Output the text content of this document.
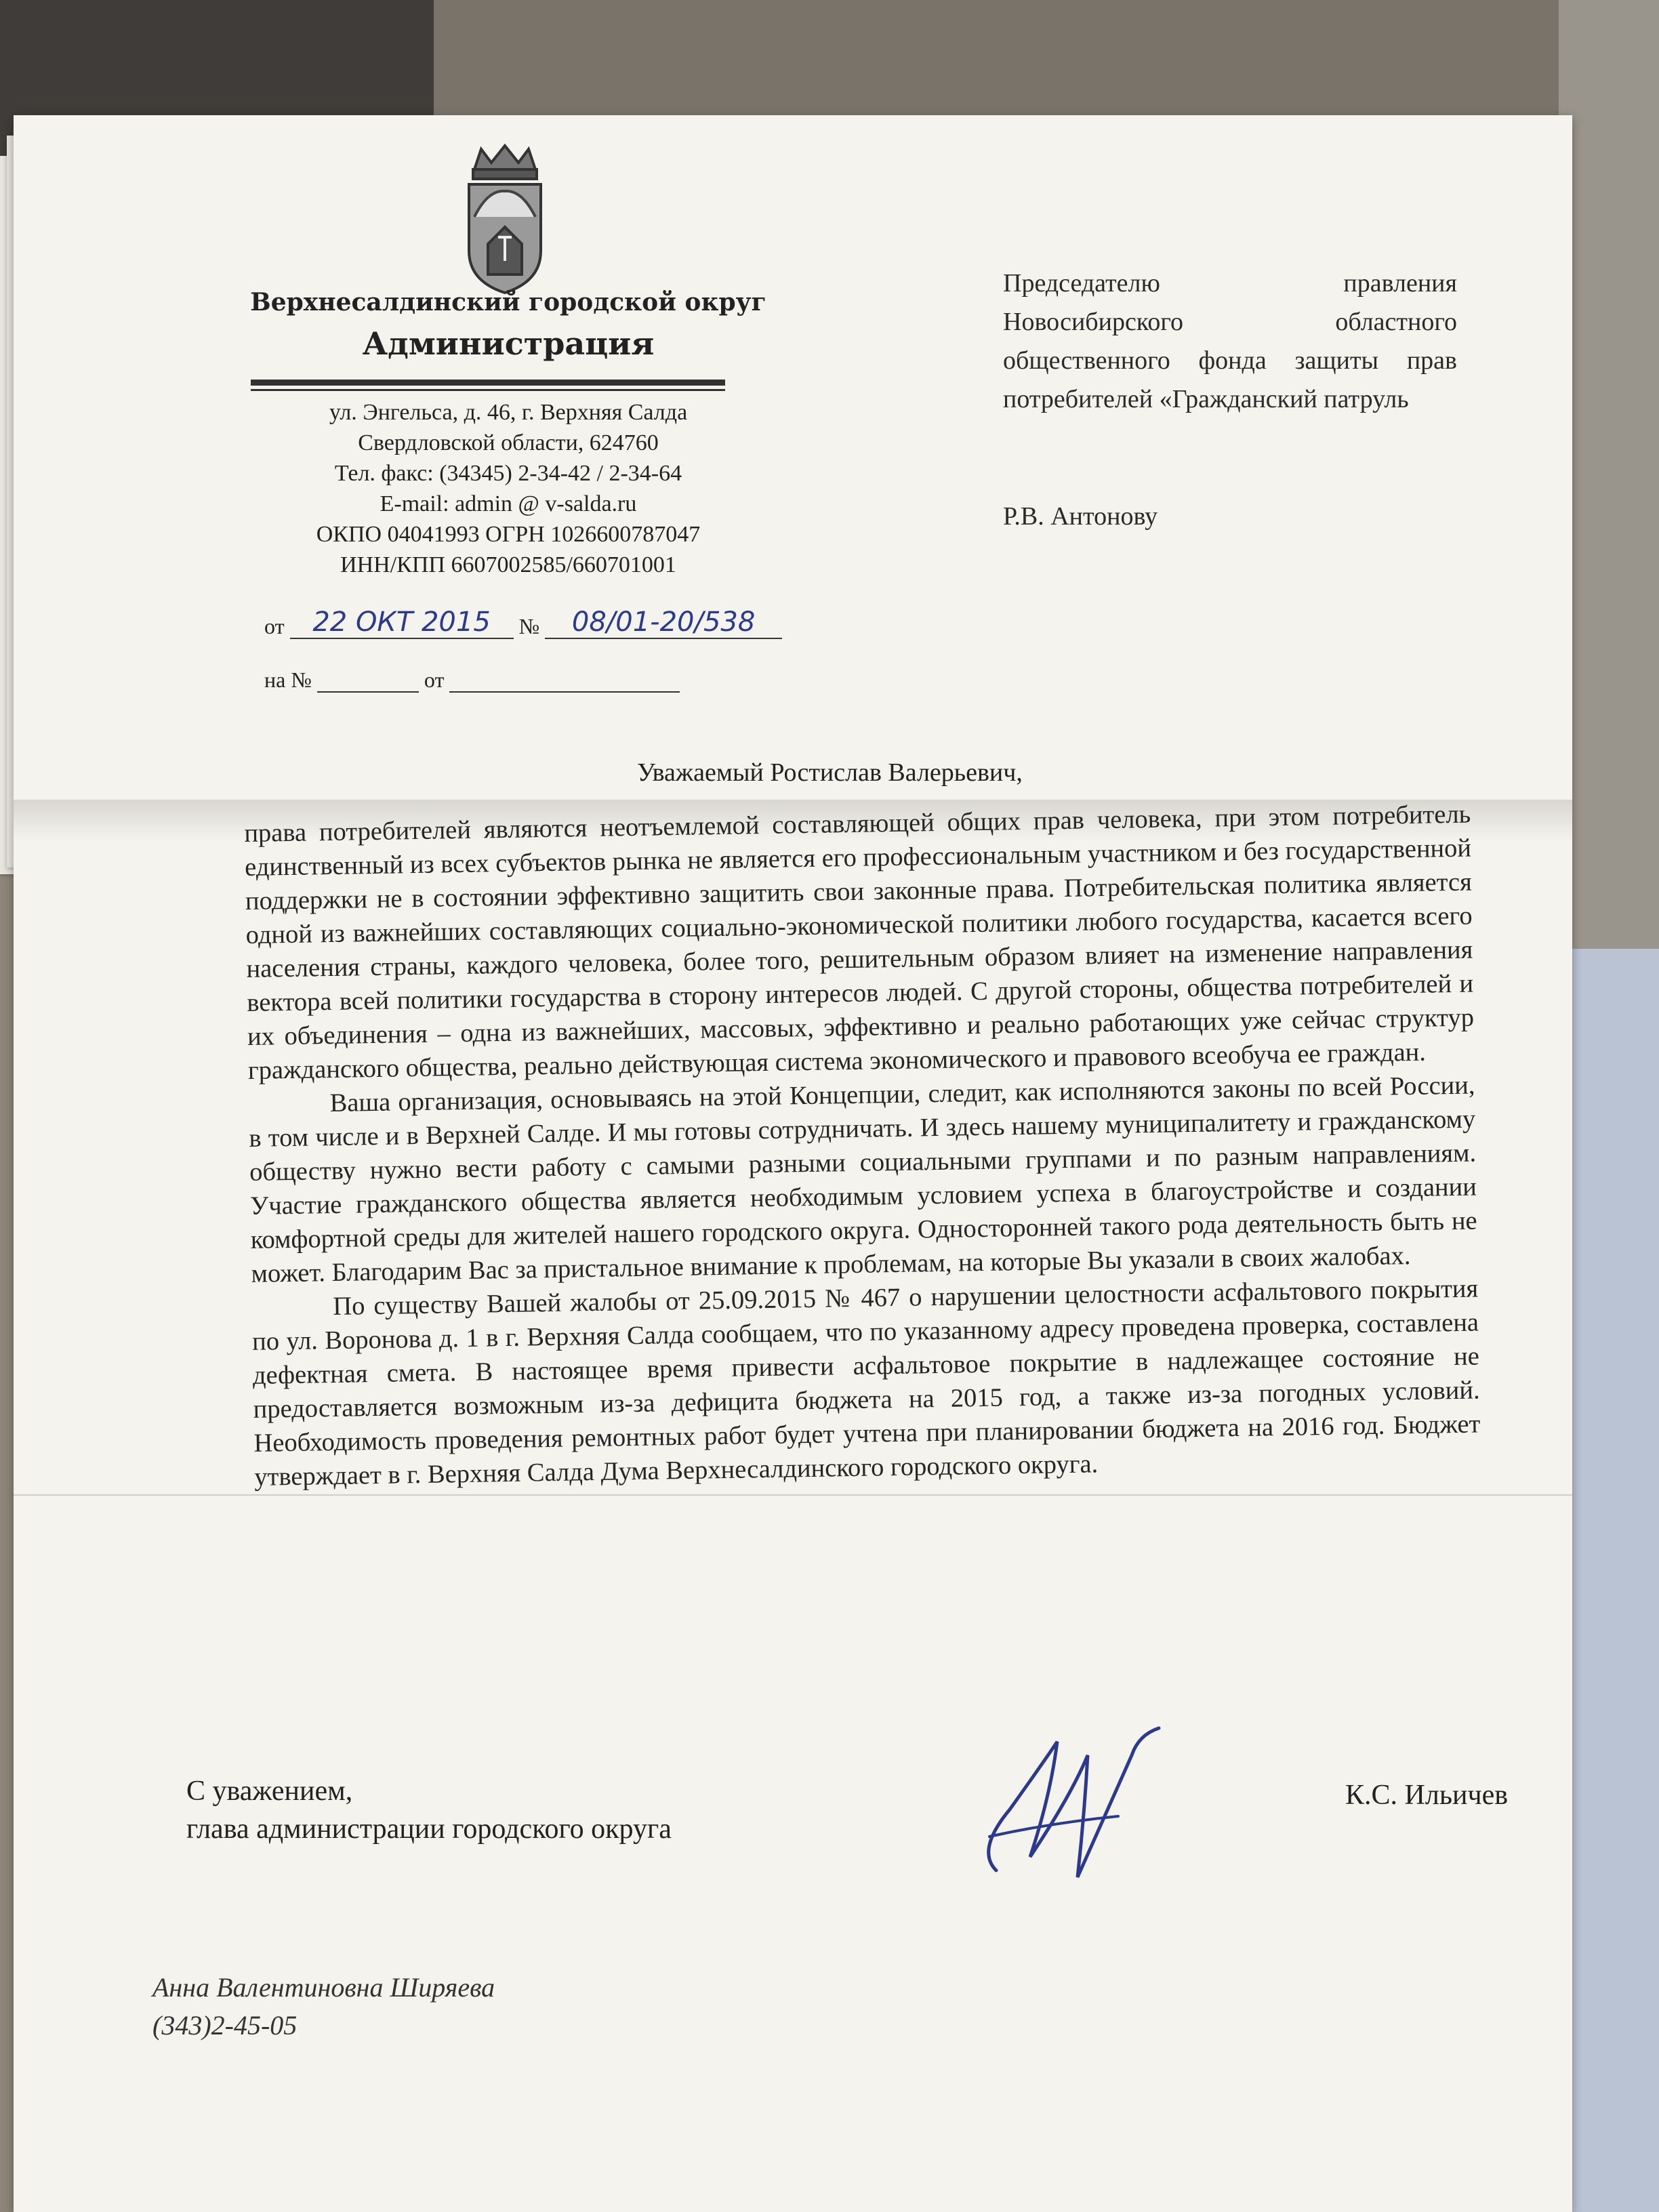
Верхнесалдинский городской округ
Администрация
ул. Энгельса, д. 46, г. Верхняя Салда
Свердловской области, 624760
Тел. факс: (34345) 2-34-42 / 2-34-64
E-mail: admin @ v-salda.ru
ОКПО 04041993 ОГРН 1026600787047
ИНН/КПП 6607002585/660701001
от 22 ОКТ 2015 № 08/01-20/538
на №	от
Председателю правления Новосибирского областного общественного фонда защиты прав потребителей «Гражданский патруль
Р.В. Антонову
Уважаемый Ростислав Валерьевич,

права потребителей являются неотъемлемой составляющей общих прав человека, при этом потребитель единственный из всех субъектов рынка не является его профессиональным участником и без государственной поддержки не в состоянии эффективно защитить свои законные права. Потребительская политика является одной из важнейших составляющих социально-экономической политики любого государства, касается всего населения страны, каждого человека, более того, решительным образом влияет на изменение направления вектора всей политики государства в сторону интересов людей. С другой стороны, общества потребителей и их объединения – одна из важнейших, массовых, эффективно и реально работающих уже сейчас структур гражданского общества, реально действующая система экономического и правового всеобуча ее граждан.

Ваша организация, основываясь на этой Концепции, следит, как исполняются законы по всей России, в том числе и в Верхней Салде. И мы готовы сотрудничать. И здесь нашему муниципалитету и гражданскому обществу нужно вести работу с самыми разными социальными группами и по разным направлениям. Участие гражданского общества является необходимым условием успеха в благоустройстве и создании комфортной среды для жителей нашего городского округа. Односторонней такого рода деятельность быть не может. Благодарим Вас за пристальное внимание к проблемам, на которые Вы указали в своих жалобах.

По существу Вашей жалобы от 25.09.2015 № 467 о нарушении целостности асфальтового покрытия по ул. Воронова д. 1 в г. Верхняя Салда сообщаем, что по указанному адресу проведена проверка, составлена дефектная смета. В настоящее время привести асфальтовое покрытие в надлежащее состояние не предоставляется возможным из-за дефицита бюджета на 2015 год, а также из-за погодных условий. Необходимость проведения ремонтных работ будет учтена при планировании бюджета на 2016 год. Бюджет утверждает в г. Верхняя Салда Дума Верхнесалдинского городского округа.

С уважением,
глава администрации городского округа
К.С. Ильичев
Анна Валентиновна Ширяева
(343)2-45-05
